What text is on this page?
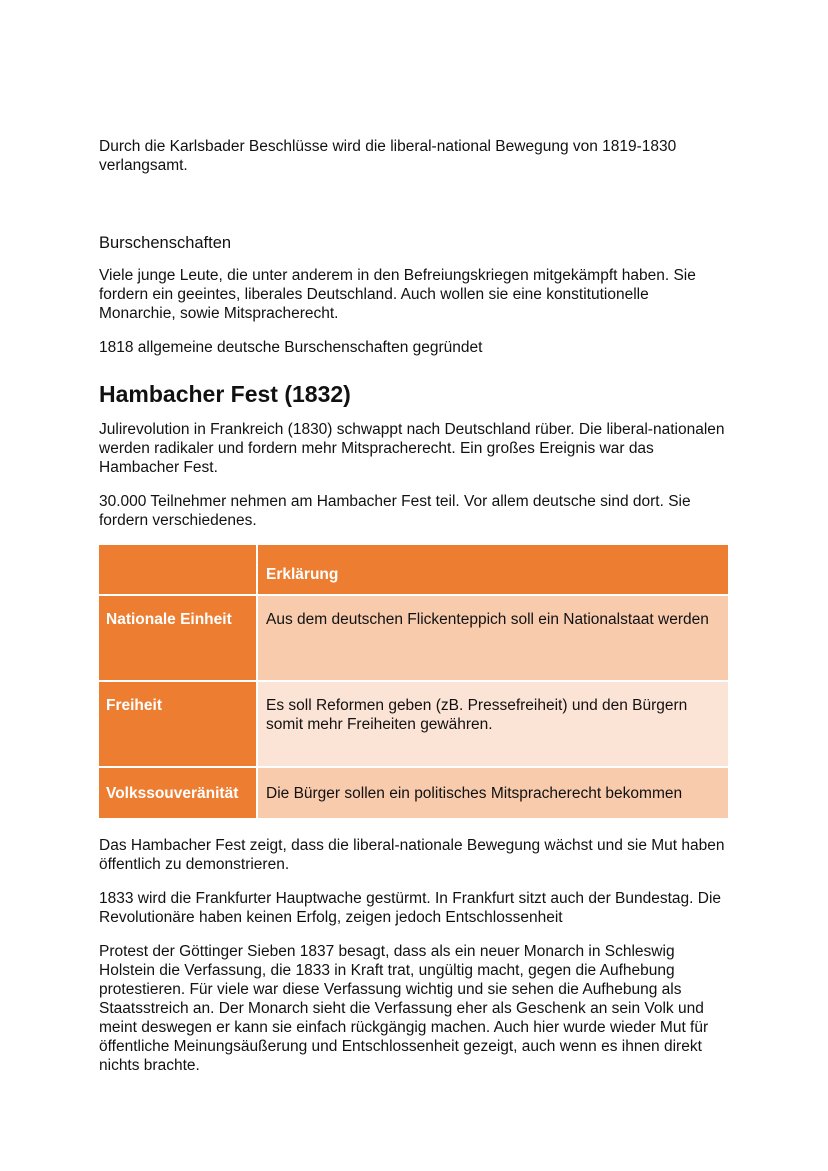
Durch die Karlsbader Beschlüsse wird die liberal-national Bewegung von 1819-1830 verlangsamt.

Burschenschaften

Viele junge Leute, die unter anderem in den Befreiungskriegen mitgekämpft haben. Sie fordern ein geeintes, liberales Deutschland. Auch wollen sie eine konstitutionelle Monarchie, sowie Mitspracherecht.

1818 allgemeine deutsche Burschenschaften gegründet

Hambacher Fest (1832)

Julirevolution in Frankreich (1830) schwappt nach Deutschland rüber. Die liberal-nationalen werden radikaler und fordern mehr Mitspracherecht. Ein großes Ereignis war das Hambacher Fest.

30.000 Teilnehmer nehmen am Hambacher Fest teil. Vor allem deutsche sind dort. Sie fordern verschiedenes.

	Erklärung
Nationale Einheit	Aus dem deutschen Flickenteppich soll ein Nationalstaat werden
Freiheit	Es soll Reformen geben (zB. Pressefreiheit) und den Bürgern somit mehr Freiheiten gewähren.
Volkssouveränität	Die Bürger sollen ein politisches Mitspracherecht bekommen

Das Hambacher Fest zeigt, dass die liberal-nationale Bewegung wächst und sie Mut haben öffentlich zu demonstrieren.

1833 wird die Frankfurter Hauptwache gestürmt. In Frankfurt sitzt auch der Bundestag. Die Revolutionäre haben keinen Erfolg, zeigen jedoch Entschlossenheit

Protest der Göttinger Sieben 1837 besagt, dass als ein neuer Monarch in Schleswig Holstein die Verfassung, die 1833 in Kraft trat, ungültig macht, gegen die Aufhebung protestieren. Für viele war diese Verfassung wichtig und sie sehen die Aufhebung als Staatsstreich an. Der Monarch sieht die Verfassung eher als Geschenk an sein Volk und meint deswegen er kann sie einfach rückgängig machen. Auch hier wurde wieder Mut für öffentliche Meinungsäußerung und Entschlossenheit gezeigt, auch wenn es ihnen direkt nichts brachte.
